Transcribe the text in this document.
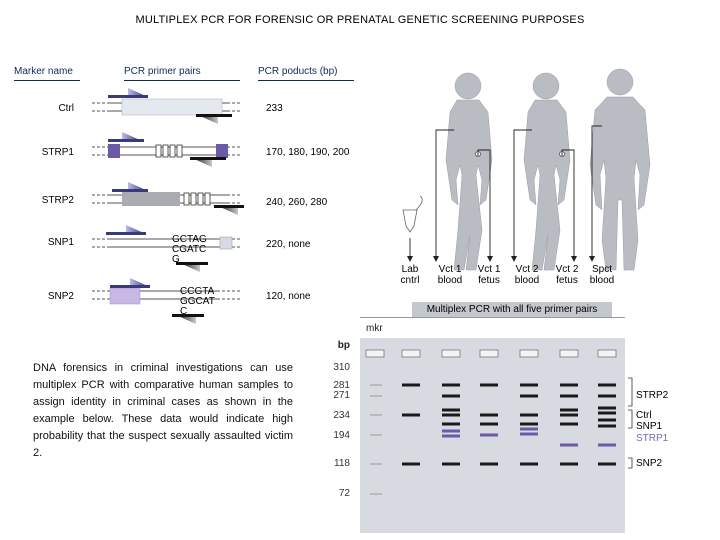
MULTIPLEX PCR FOR FORENSIC OR PRENATAL GENETIC SCREENING PURPOSES
Marker name	PCR primer pairs	PCR poducts (bp)
Ctrl
STRP1
STRP2
SNP1
SNP2
233
170, 180, 190, 200
240, 260, 280
220, none
120, none
GCTAG
CGATC
G
CCGTA
GGCAT
C
DNA forensics in criminal investigations can use multiplex PCR with comparative human samples to assign identity in criminal cases as shown in the example below. These data would indicate high probability that the suspect sexually assaulted victim 2.
Lab
cntrl
Vct 1
blood
Vct 1
fetus
Vct 2
blood
Vct 2
fetus
Spct
blood
Multiplex PCR with all five primer pairs
mkr
bp
310
281
271
234
194
118
72
STRP2
Ctrl
SNP1
STRP1
SNP2
